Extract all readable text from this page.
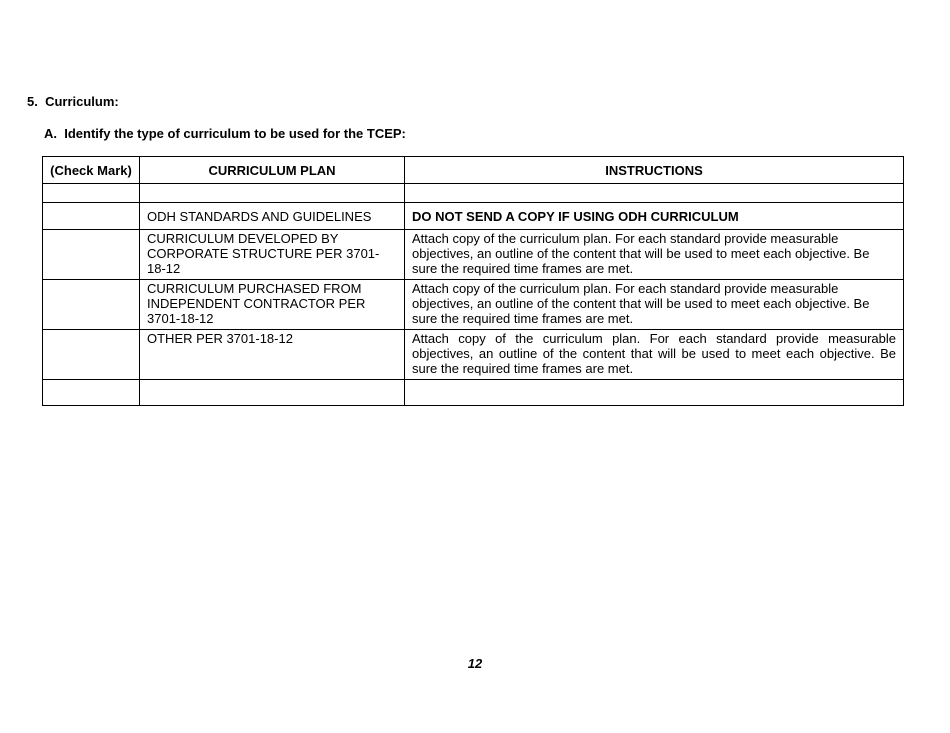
5. Curriculum:
A. Identify the type of curriculum to be used for the TCEP:
(Check Mark)	CURRICULUM PLAN	INSTRUCTIONS

	ODH STANDARDS AND GUIDELINES	DO NOT SEND A COPY IF USING ODH CURRICULUM
	CURRICULUM DEVELOPED BY CORPORATE STRUCTURE PER 3701-18-12	Attach copy of the curriculum plan. For each standard provide measurable objectives, an outline of the content that will be used to meet each objective. Be sure the required time frames are met.
	CURRICULUM PURCHASED FROM INDEPENDENT CONTRACTOR PER 3701-18-12	Attach copy of the curriculum plan. For each standard provide measurable objectives, an outline of the content that will be used to meet each objective. Be sure the required time frames are met.
	OTHER PER 3701-18-12	Attach copy of the curriculum plan. For each standard provide measurable objectives, an outline of the content that will be used to meet each objective. Be sure the required time frames are met.

12
